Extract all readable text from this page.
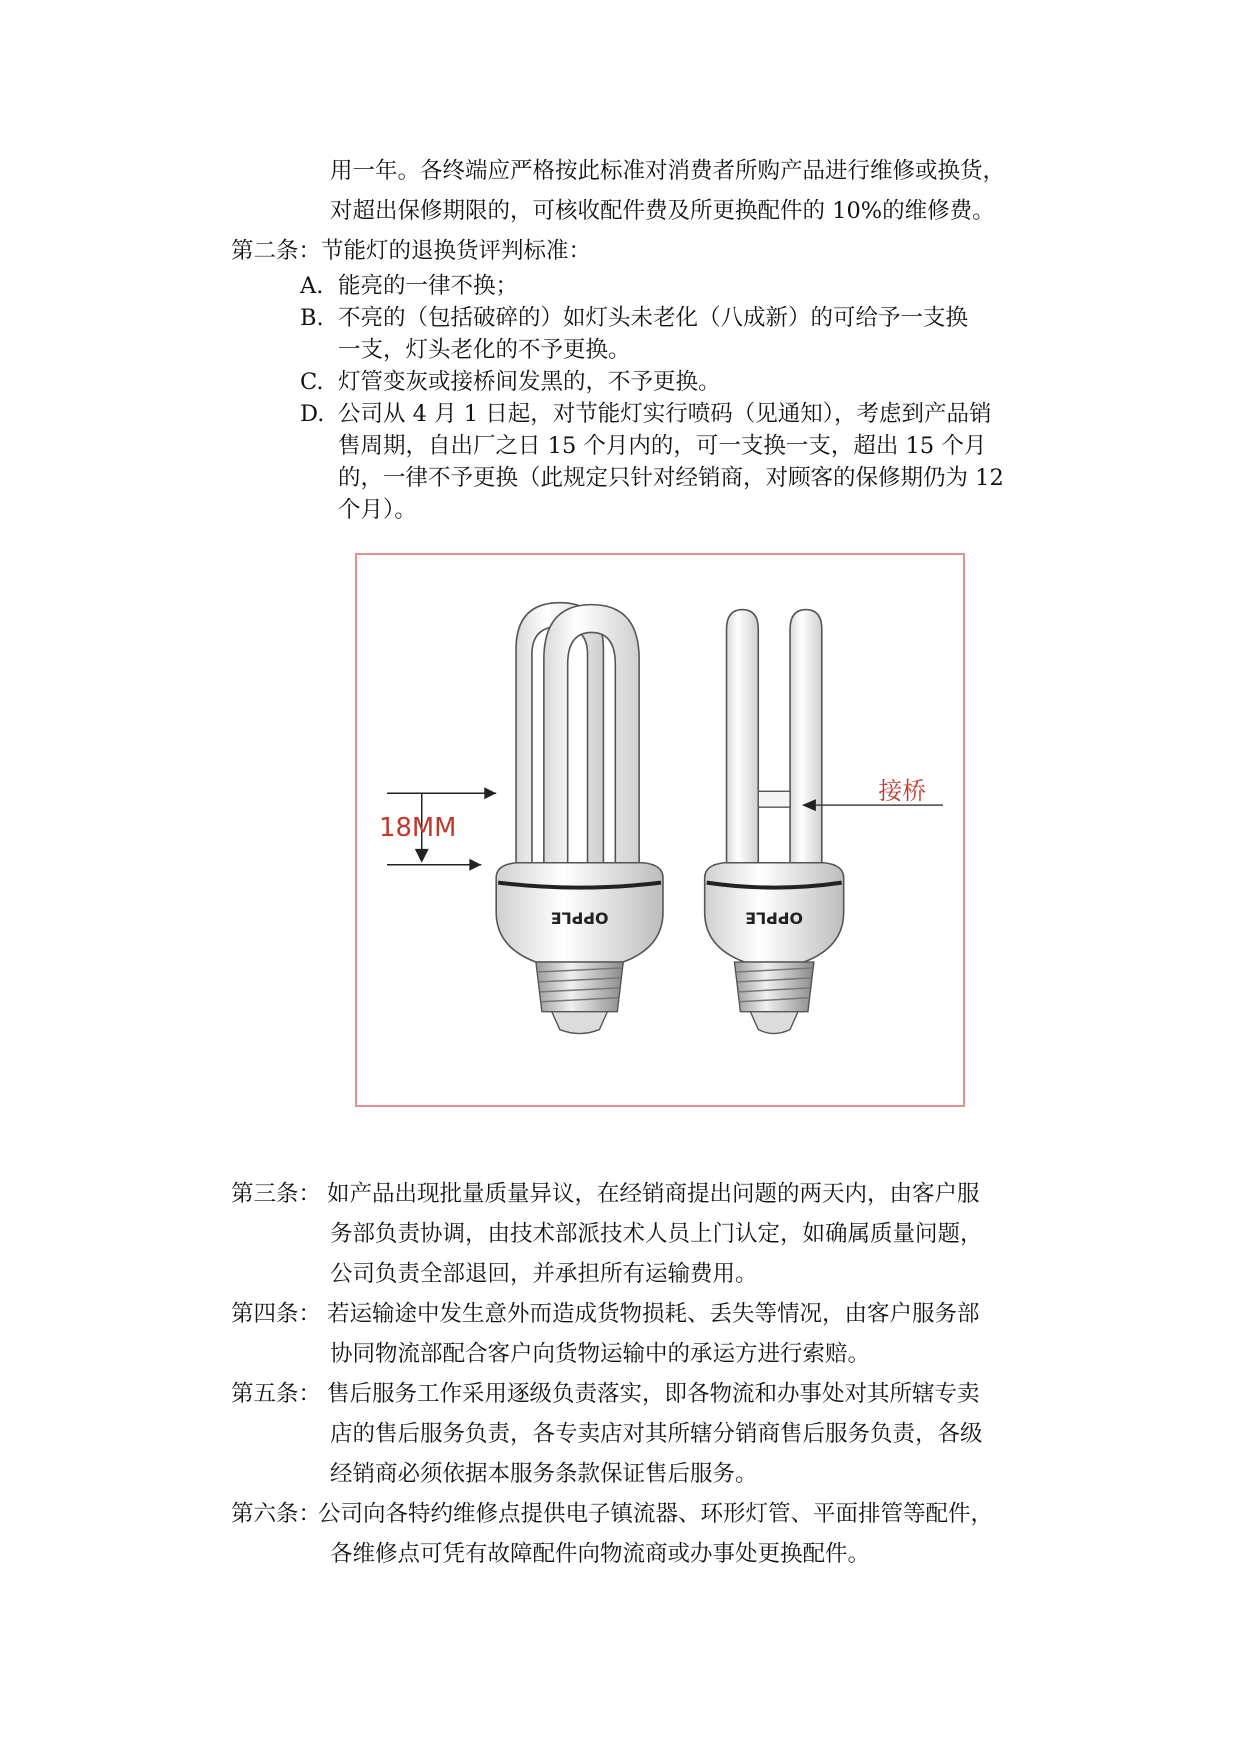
用一年。各终端应严格按此标准对消费者所购产品进行维修或换货，
对超出保修期限的，可核收配件费及所更换配件的 10%的维修费。
第二条：节能灯的退换货评判标准：
A. 能亮的一律不换；
B. 不亮的（包括破碎的）如灯头未老化（八成新）的可给予一支换
一支，灯头老化的不予更换。
C. 灯管变灰或接桥间发黑的，不予更换。
D. 公司从 4 月 1 日起，对节能灯实行喷码（见通知），考虑到产品销
售周期，自出厂之日 15 个月内的，可一支换一支，超出 15 个月
的，一律不予更换（此规定只针对经销商，对顾客的保修期仍为 12
个月）。
OPPLE
18MM
OPPLE
接桥
第三条： 如产品出现批量质量异议，在经销商提出问题的两天内，由客户服
务部负责协调，由技术部派技术人员上门认定，如确属质量问题，
公司负责全部退回，并承担所有运输费用。
第四条： 若运输途中发生意外而造成货物损耗、丢失等情况，由客户服务部
协同物流部配合客户向货物运输中的承运方进行索赔。
第五条： 售后服务工作采用逐级负责落实，即各物流和办事处对其所辖专卖
店的售后服务负责，各专卖店对其所辖分销商售后服务负责，各级
经销商必须依据本服务条款保证售后服务。
第六条：
公司向各特约维修点提供电子镇流器、环形灯管、平面排管等配件，
各维修点可凭有故障配件向物流商或办事处更换配件。
